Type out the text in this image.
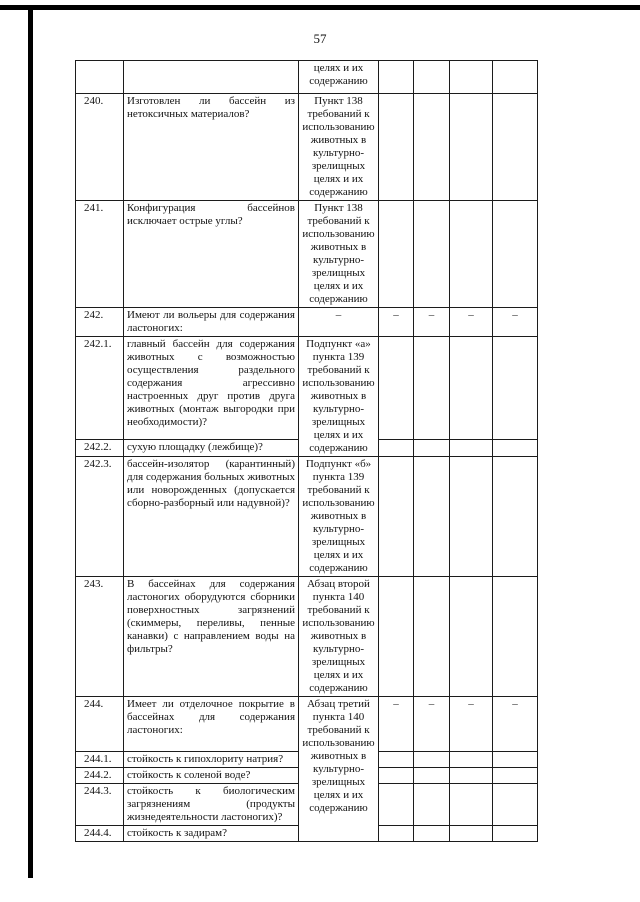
57
		целях и их содержанию				
240.	Изготовлен ли бассейн из нетоксичных материалов?	Пункт 138 требований к использованию животных в культурно-зрелищных целях и их содержанию				
241.	Конфигурация бассейнов исключает острые углы?	Пункт 138 требований к использованию животных в культурно-зрелищных целях и их содержанию				
242.	Имеют ли вольеры для содержания ластоногих:	–	–	–	–	–
242.1.	главный бассейн для содержания животных с возможностью осуществления раздельного содержания агрессивно настроенных друг против друга животных (монтаж выгородки при необходимости)?	Подпункт «а» пункта 139 требований к использованию животных в культурно-зрелищных целях и их содержанию				
242.2.	сухую площадку (лежбище)?					
242.3.	бассейн-изолятор (карантинный) для содержания больных животных или новорожденных (допускается сборно-разборный или надувной)?	Подпункт «б» пункта 139 требований к использованию животных в культурно-зрелищных целях и их содержанию				
243.	В бассейнах для содержания ластоногих оборудуются сборники поверхностных загрязнений (скиммеры, переливы, пенные канавки) с направлением воды на фильтры?	Абзац второй пункта 140 требований к использованию животных в культурно-зрелищных целях и их содержанию				
244.	Имеет ли отделочное покрытие в бассейнах для содержания ластоногих:	Абзац третий пункта 140 требований к использованию животных в культурно-зрелищных целях и их содержанию	–	–	–	–
244.1.	стойкость к гипохлориту натрия?					
244.2.	стойкость к соленой воде?					
244.3.	стойкость к биологическим загрязнениям (продукты жизнедеятельности ластоногих)?					
244.4.	стойкость к задирам?					
